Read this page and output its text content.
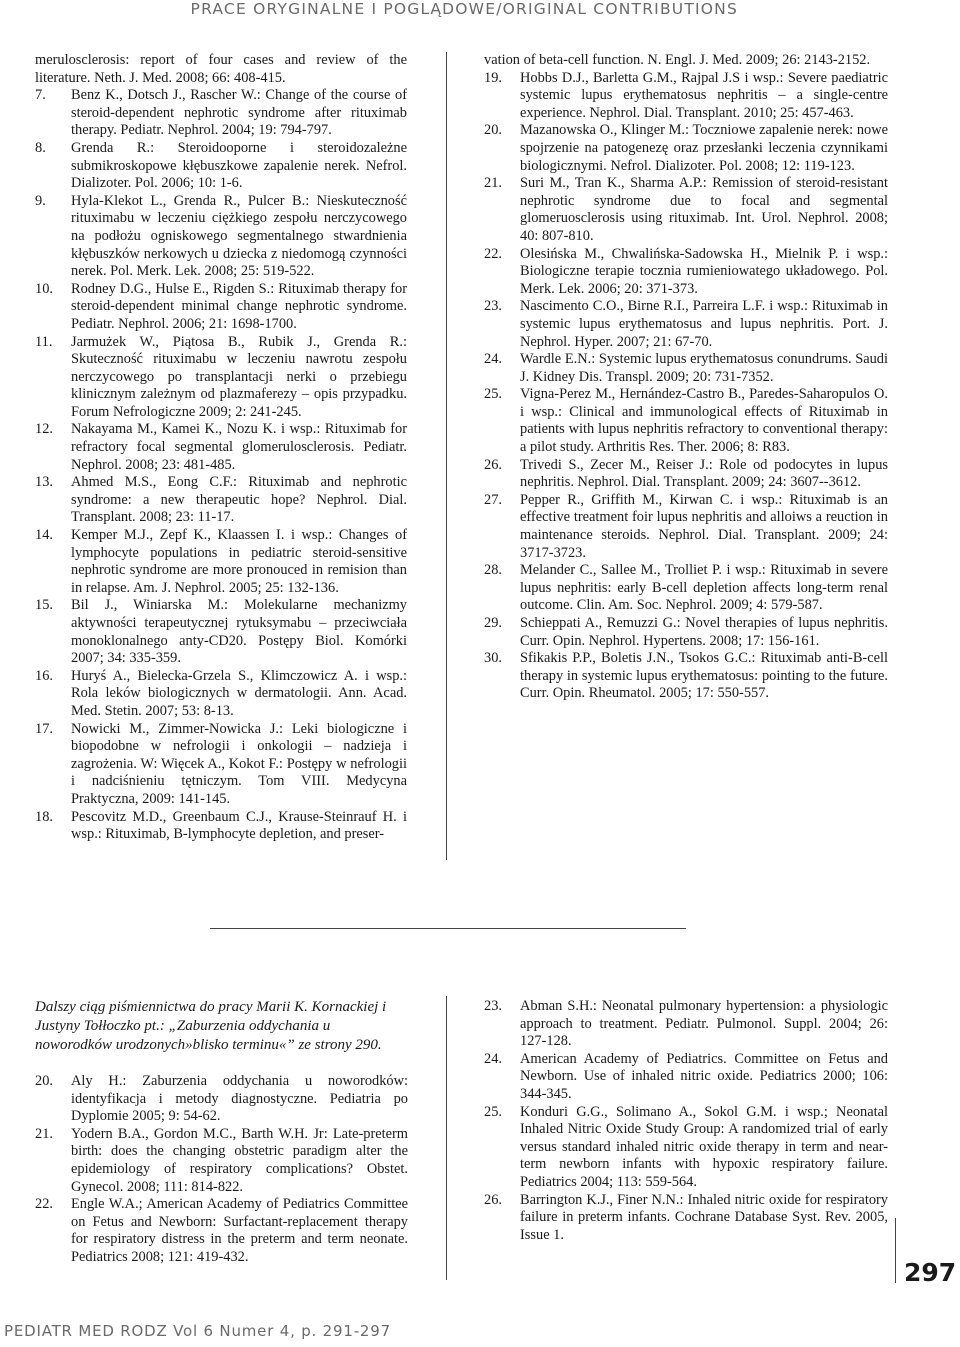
PRACE ORYGINALNE I POGLĄDOWE/ORIGINAL CONTRIBUTIONS
merulosclerosis: report of four cases and review of the literature. Neth. J. Med. 2008; 66: 408-415.
7. Benz K., Dotsch J., Rascher W.: Change of the course of steroid-dependent nephrotic syndrome after rituximab therapy. Pediatr. Nephrol. 2004; 19: 794-797.
8. Grenda R.: Steroidooporne i steroidozależne submikroskopowe kłębuszkowe zapalenie nerek. Nefrol. Dializoter. Pol. 2006; 10: 1-6.
9. Hyla-Klekot L., Grenda R., Pulcer B.: Nieskuteczność rituximabu w leczeniu ciężkiego zespołu nerczycowego na podłożu ogniskowego segmentalnego stwardnienia kłębuszków nerkowych u dziecka z niedomogą czynności nerek. Pol. Merk. Lek. 2008; 25: 519-522.
10. Rodney D.G., Hulse E., Rigden S.: Rituximab therapy for steroid-dependent minimal change nephrotic syndrome. Pediatr. Nephrol. 2006; 21: 1698-1700.
11. Jarmużek W., Piątosa B., Rubik J., Grenda R.: Skuteczność rituximabu w leczeniu nawrotu zespołu nerczycowego po transplantacji nerki o przebiegu klinicznym zależnym od plazmaferezy – opis przypadku. Forum Nefrologiczne 2009; 2: 241-245.
12. Nakayama M., Kamei K., Nozu K. i wsp.: Rituximab for refractory focal segmental glomerulosclerosis. Pediatr. Nephrol. 2008; 23: 481-485.
13. Ahmed M.S., Eong C.F.: Rituximab and nephrotic syndrome: a new therapeutic hope? Nephrol. Dial. Transplant. 2008; 23: 11-17.
14. Kemper M.J., Zepf K., Klaassen I. i wsp.: Changes of lymphocyte populations in pediatric steroid-sensitive nephrotic syndrome are more pronouced in remision than in relapse. Am. J. Nephrol. 2005; 25: 132-136.
15. Bil J., Winiarska M.: Molekularne mechanizmy aktywności terapeutycznej rytuksymabu – przeciwciała monoklonalnego anty-CD20. Postępy Biol. Komórki 2007; 34: 335-359.
16. Huryś A., Bielecka-Grzela S., Klimczowicz A. i wsp.: Rola leków biologicznych w dermatologii. Ann. Acad. Med. Stetin. 2007; 53: 8-13.
17. Nowicki M., Zimmer-Nowicka J.: Leki biologiczne i biopodobne w nefrologii i onkologii – nadzieja i zagrożenia. W: Więcek A., Kokot F.: Postępy w nefrologii i nadciśnieniu tętniczym. Tom VIII. Medycyna Praktyczna, 2009: 141-145.
18. Pescovitz M.D., Greenbaum C.J., Krause-Steinrauf H. i wsp.: Rituximab, B-lymphocyte depletion, and preser-
vation of beta-cell function. N. Engl. J. Med. 2009; 26: 2143-2152.
19. Hobbs D.J., Barletta G.M., Rajpal J.S i wsp.: Severe paediatric systemic lupus erythematosus nephritis – a single-centre experience. Nephrol. Dial. Transplant. 2010; 25: 457-463.
20. Mazanowska O., Klinger M.: Toczniowe zapalenie nerek: nowe spojrzenie na patogenezę oraz przesłanki leczenia czynnikami biologicznymi. Nefrol. Dializoter. Pol. 2008; 12: 119-123.
21. Suri M., Tran K., Sharma A.P.: Remission of steroid-resistant nephrotic syndrome due to focal and segmental glomeruosclerosis using rituximab. Int. Urol. Nephrol. 2008; 40: 807-810.
22. Olesińska M., Chwalińska-Sadowska H., Mielnik P. i wsp.: Biologiczne terapie tocznia rumieniowatego układowego. Pol. Merk. Lek. 2006; 20: 371-373.
23. Nascimento C.O., Birne R.I., Parreira L.F. i wsp.: Rituximab in systemic lupus erythematosus and lupus nephritis. Port. J. Nephrol. Hyper. 2007; 21: 67-70.
24. Wardle E.N.: Systemic lupus erythematosus conundrums. Saudi J. Kidney Dis. Transpl. 2009; 20: 731-7352.
25. Vigna-Perez M., Hernández-Castro B., Paredes-Saharopulos O. i wsp.: Clinical and immunological effects of Rituximab in patients with lupus nephritis refractory to conventional therapy: a pilot study. Arthritis Res. Ther. 2006; 8: R83.
26. Trivedi S., Zecer M., Reiser J.: Role od podocytes in lupus nephritis. Nephrol. Dial. Transplant. 2009; 24: 3607--3612.
27. Pepper R., Griffith M., Kirwan C. i wsp.: Rituximab is an effective treatment foir lupus nephritis and alloiws a reuction in maintenance steroids. Nephrol. Dial. Transplant. 2009; 24: 3717-3723.
28. Melander C., Sallee M., Trolliet P. i wsp.: Rituximab in severe lupus nephritis: early B-cell depletion affects long-term renal outcome. Clin. Am. Soc. Nephrol. 2009; 4: 579-587.
29. Schieppati A., Remuzzi G.: Novel therapies of lupus nephritis. Curr. Opin. Nephrol. Hypertens. 2008; 17: 156-161.
30. Sfikakis P.P., Boletis J.N., Tsokos G.C.: Rituximab anti-B-cell therapy in systemic lupus erythematosus: pointing to the future. Curr. Opin. Rheumatol. 2005; 17: 550-557.
Dalszy ciąg piśmiennictwa do pracy Marii K. Kornackiej i Justyny Tołłoczko pt.: „Zaburzenia oddychania u noworodków urodzonych»blisko terminu«” ze strony 290.
20. Aly H.: Zaburzenia oddychania u noworodków: identyfikacja i metody diagnostyczne. Pediatria po Dyplomie 2005; 9: 54-62.
21. Yodern B.A., Gordon M.C., Barth W.H. Jr: Late-preterm birth: does the changing obstetric paradigm alter the epidemiology of respiratory complications? Obstet. Gynecol. 2008; 111: 814-822.
22. Engle W.A.; American Academy of Pediatrics Committee on Fetus and Newborn: Surfactant-replacement therapy for respiratory distress in the preterm and term neonate. Pediatrics 2008; 121: 419-432.
23. Abman S.H.: Neonatal pulmonary hypertension: a physiologic approach to treatment. Pediatr. Pulmonol. Suppl. 2004; 26: 127-128.
24. American Academy of Pediatrics. Committee on Fetus and Newborn. Use of inhaled nitric oxide. Pediatrics 2000; 106: 344-345.
25. Konduri G.G., Solimano A., Sokol G.M. i wsp.; Neonatal Inhaled Nitric Oxide Study Group: A randomized trial of early versus standard inhaled nitric oxide therapy in term and near-term newborn infants with hypoxic respiratory failure. Pediatrics 2004; 113: 559-564.
26. Barrington K.J., Finer N.N.: Inhaled nitric oxide for respiratory failure in preterm infants. Cochrane Database Syst. Rev. 2005, Issue 1.
297
PEDIATR MED RODZ Vol 6 Numer 4, p. 291-297
